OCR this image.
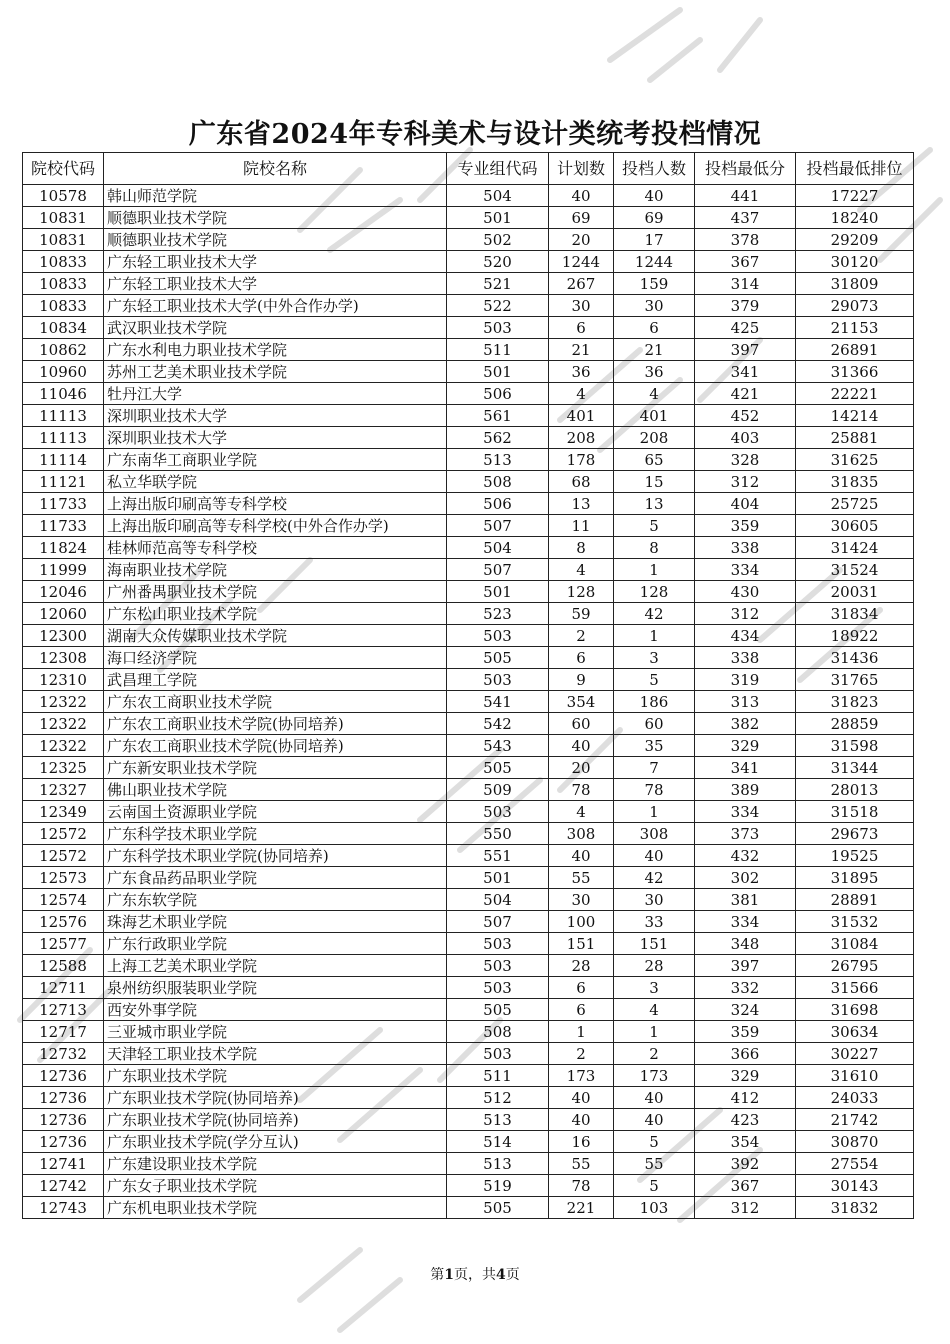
广东省2024年专科美术与设计类统考投档情况
院校代码	院校名称	专业组代码	计划数	投档人数	投档最低分	投档最低排位
10578	韩山师范学院	504	40	40	441	17227
10831	顺德职业技术学院	501	69	69	437	18240
10831	顺德职业技术学院	502	20	17	378	29209
10833	广东轻工职业技术大学	520	1244	1244	367	30120
10833	广东轻工职业技术大学	521	267	159	314	31809
10833	广东轻工职业技术大学(中外合作办学)	522	30	30	379	29073
10834	武汉职业技术学院	503	6	6	425	21153
10862	广东水利电力职业技术学院	511	21	21	397	26891
10960	苏州工艺美术职业技术学院	501	36	36	341	31366
11046	牡丹江大学	506	4	4	421	22221
11113	深圳职业技术大学	561	401	401	452	14214
11113	深圳职业技术大学	562	208	208	403	25881
11114	广东南华工商职业学院	513	178	65	328	31625
11121	私立华联学院	508	68	15	312	31835
11733	上海出版印刷高等专科学校	506	13	13	404	25725
11733	上海出版印刷高等专科学校(中外合作办学)	507	11	5	359	30605
11824	桂林师范高等专科学校	504	8	8	338	31424
11999	海南职业技术学院	507	4	1	334	31524
12046	广州番禺职业技术学院	501	128	128	430	20031
12060	广东松山职业技术学院	523	59	42	312	31834
12300	湖南大众传媒职业技术学院	503	2	1	434	18922
12308	海口经济学院	505	6	3	338	31436
12310	武昌理工学院	503	9	5	319	31765
12322	广东农工商职业技术学院	541	354	186	313	31823
12322	广东农工商职业技术学院(协同培养)	542	60	60	382	28859
12322	广东农工商职业技术学院(协同培养)	543	40	35	329	31598
12325	广东新安职业技术学院	505	20	7	341	31344
12327	佛山职业技术学院	509	78	78	389	28013
12349	云南国土资源职业学院	503	4	1	334	31518
12572	广东科学技术职业学院	550	308	308	373	29673
12572	广东科学技术职业学院(协同培养)	551	40	40	432	19525
12573	广东食品药品职业学院	501	55	42	302	31895
12574	广东东软学院	504	30	30	381	28891
12576	珠海艺术职业学院	507	100	33	334	31532
12577	广东行政职业学院	503	151	151	348	31084
12588	上海工艺美术职业学院	503	28	28	397	26795
12711	泉州纺织服装职业学院	503	6	3	332	31566
12713	西安外事学院	505	6	4	324	31698
12717	三亚城市职业学院	508	1	1	359	30634
12732	天津轻工职业技术学院	503	2	2	366	30227
12736	广东职业技术学院	511	173	173	329	31610
12736	广东职业技术学院(协同培养)	512	40	40	412	24033
12736	广东职业技术学院(协同培养)	513	40	40	423	21742
12736	广东职业技术学院(学分互认)	514	16	5	354	30870
12741	广东建设职业技术学院	513	55	55	392	27554
12742	广东女子职业技术学院	519	78	5	367	30143
12743	广东机电职业技术学院	505	221	103	312	31832
第1页，共4页
